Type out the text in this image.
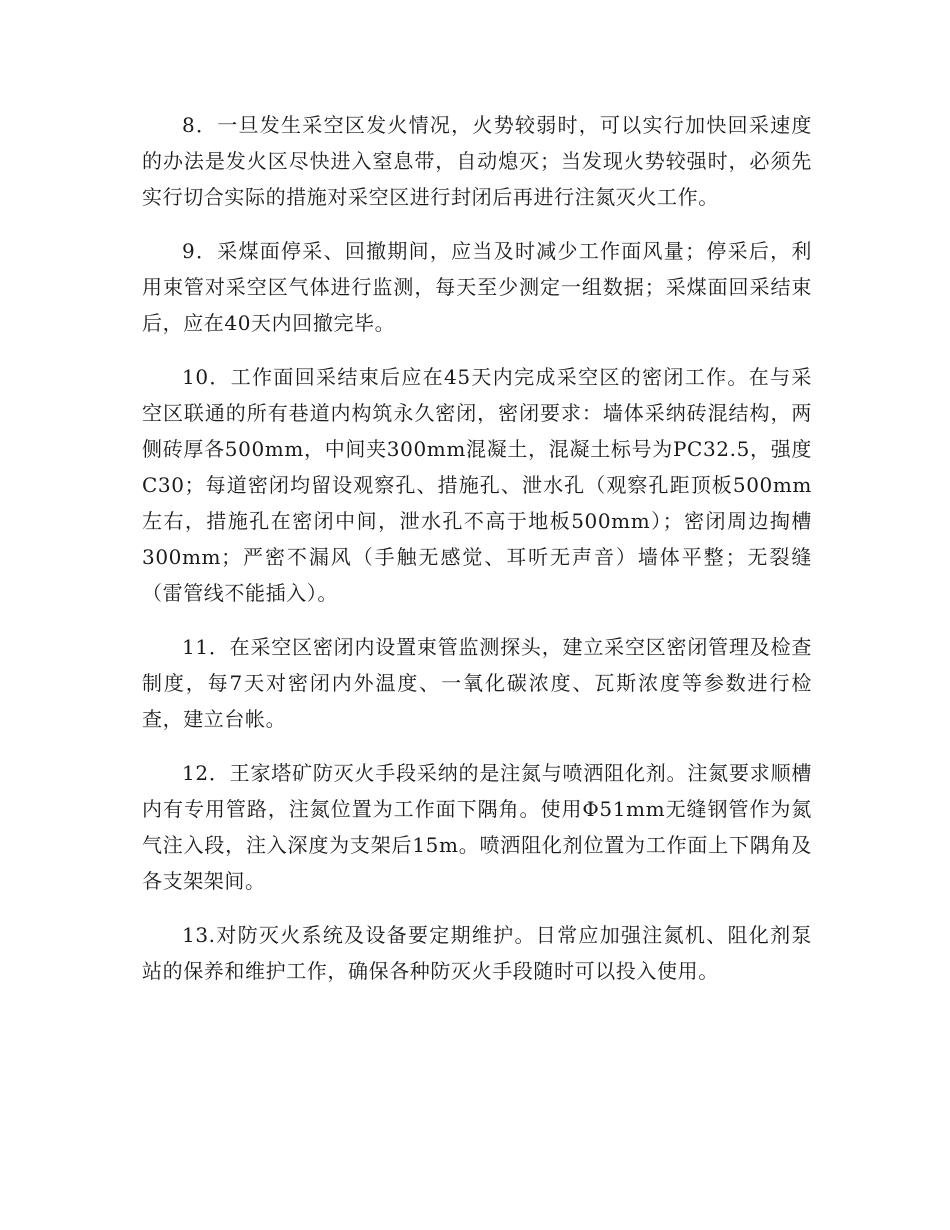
8．一旦发生采空区发火情况，火势较弱时，可以实行加快回采速度的办法是发火区尽快进入窒息带，自动熄灭；当发现火势较强时，必须先实行切合实际的措施对采空区进行封闭后再进行注氮灭火工作。

9．采煤面停采、回撤期间，应当及时减少工作面风量；停采后，利用束管对采空区气体进行监测，每天至少测定一组数据；采煤面回采结束后，应在40天内回撤完毕。

10．工作面回采结束后应在45天内完成采空区的密闭工作。在与采空区联通的所有巷道内构筑永久密闭，密闭要求：墙体采纳砖混结构，两侧砖厚各500mm，中间夹300mm混凝土，混凝土标号为PC32.5，强度C30；每道密闭均留设观察孔、措施孔、泄水孔（观察孔距顶板500mm左右，措施孔在密闭中间，泄水孔不高于地板500mm）；密闭周边掏槽300mm；严密不漏风（手触无感觉、耳听无声音）墙体平整；无裂缝（雷管线不能插入）。

11．在采空区密闭内设置束管监测探头，建立采空区密闭管理及检查制度，每7天对密闭内外温度、一氧化碳浓度、瓦斯浓度等参数进行检查，建立台帐。

12．王家塔矿防灭火手段采纳的是注氮与喷洒阻化剂。注氮要求顺槽内有专用管路，注氮位置为工作面下隅角。使用Φ51mm无缝钢管作为氮气注入段，注入深度为支架后15m。喷洒阻化剂位置为工作面上下隅角及各支架架间。

13.对防灭火系统及设备要定期维护。日常应加强注氮机、阻化剂泵站的保养和维护工作，确保各种防灭火手段随时可以投入使用。
